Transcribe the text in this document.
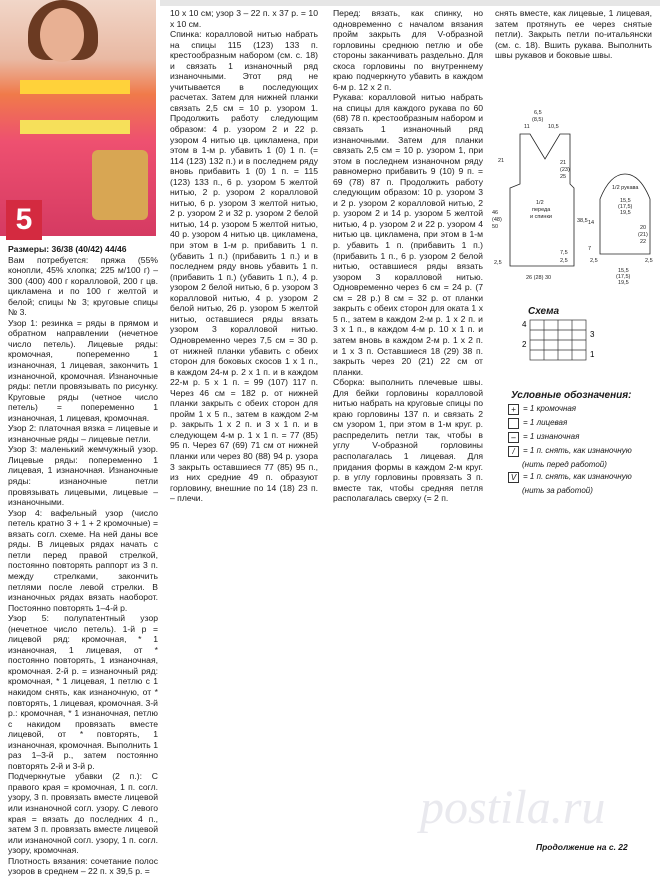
5

Размеры: 36/38 (40/42) 44/46

Вам потребуется: пряжа (55% конопли, 45% хлопка; 225 м/100 г) – 300 (400) 400 г коралловой, 200 г цв. цикламена и по 100 г желтой и белой; спицы № 3; круговые спицы № 3.

Узор 1: резинка = ряды в прямом и обратном направлении (нечетное число петель). Лицевые ряды: кромочная, попеременно 1 изнаночная, 1 лицевая, закончить 1 изнаночной, кромочная. Изнаночные ряды: петли провязывать по рисунку. Круговые ряды (четное число петель) = попеременно 1 изнаночная, 1 лицевая, кромочная.

Узор 2: платочная вязка = лицевые и изнаночные ряды – лицевые петли.

Узор 3: маленький жемчужный узор. Лицевые ряды: попеременно 1 лицевая, 1 изнаночная. Изнаночные ряды: изнаночные петли провязывать лицевыми, лицевые – изнаночными.

Узор 4: вафельный узор (число петель кратно 3 + 1 + 2 кромочные) = вязать согл. схеме. На ней даны все ряды. В лицевых рядах начать с петли перед правой стрелкой, постоянно повторять раппорт из 3 п. между стрелками, закончить петлями после левой стрелки. В изнаночных рядах вязать наоборот. Постоянно повторять 1–4-й р.

Узор 5: полупатентный узор (нечетное число петель). 1-й р = лицевой ряд: кромочная, * 1 изнаночная, 1 лицевая, от * постоянно повторять, 1 изнаночная, кромочная. 2-й р. = изнаночный ряд: кромочная, * 1 лицевая, 1 петлю с 1 накидом снять, как изнаночную, от * повторять, 1 лицевая, кромочная. 3-й р.: кромочная, * 1 изнаночная, петлю с накидом провязать вместе лицевой, от * повторять, 1 изнаночная, кромочная. Выполнить 1 раз 1–3-й р., затем постоянно повторять 2-й и 3-й р.

Подчеркнутые убавки (2 п.): С правого края = кромочная, 1 п. согл. узору, 3 п. провязать вместе лицевой или изнаночной согл. узору. С левого края = вязать до последних 4 п., затем 3 п. провязать вместе лицевой или изнаночной согл. узору, 1 п. согл. узору, кромочная.

Плотность вязания: сочетание полос узоров в среднем – 22 п. x 39,5 р. =

10 x 10 см; узор 3 – 22 п. x 37 р. = 10 x 10 см.

Спинка: коралловой нитью набрать на спицы 115 (123) 133 п. крестообразным набором (см. с. 18) и связать 1 изнаночный ряд изнаночными. Этот ряд не учитывается в последующих расчетах. Затем для нижней планки связать 2,5 см = 10 р. узором 1. Продолжить работу следующим образом: 4 р. узором 2 и 22 р. узором 4 нитью цв. цикламена, при этом в 1-м р. убавить 1 (0) 1 п. (= 114 (123) 132 п.) и в последнем ряду вновь прибавить 1 (0) 1 п. = 115 (123) 133 п., 6 р. узором 5 желтой нитью, 2 р. узором 2 коралловой нитью, 6 р. узором 3 желтой нитью, 2 р. узором 2 и 32 р. узором 2 белой нитью, 14 р. узором 5 желтой нитью, 40 р. узором 4 нитью цв. цикламена, при этом в 1-м р. прибавить 1 п. (убавить 1 п.) (прибавить 1 п.) и в последнем ряду вновь убавить 1 п. (прибавить 1 п.) (убавить 1 п.), 4 р. узором 2 белой нитью, 6 р. узором 3 коралловой нитью, 4 р. узором 2 белой нитью, 26 р. узором 5 желтой нитью, оставшиеся ряды вязать узором 3 коралловой нитью. Одновременно через 7,5 см = 30 р. от нижней планки убавить с обеих сторон для боковых скосов 1 x 1 п., в каждом 24-м р. 2 x 1 п. и в каждом 22-м р. 5 x 1 п. = 99 (107) 117 п. Через 46 см = 182 р. от нижней планки закрыть с обеих сторон для пройм 1 x 5 п., затем в каждом 2-м р. закрыть 1 x 2 п. и 3 x 1 п. и в следующем 4-м р. 1 x 1 п. = 77 (85) 95 п. Через 67 (69) 71 см от нижней планки или через 80 (88) 94 р. узора 3 закрыть оставшиеся 77 (85) 95 п., из них средние 49 п. образуют горловину, внешние по 14 (18) 23 п. – плечи.

Перед: вязать, как спинку, но одновременно с началом вязания пройм закрыть для V-образной горловины среднюю петлю и обе стороны заканчивать раздельно. Для скоса горловины по внутреннему краю подчеркнуто убавить в каждом 6-м р. 12 x 2 п.

Рукава: коралловой нитью набрать на спицы для каждого рукава по 60 (68) 78 п. крестообразным набором и связать 1 изнаночный ряд изнаночными. Затем для планки связать 2,5 см = 10 р. узором 1, при этом в последнем изнаночном ряду равномерно прибавить 9 (10) 9 п. = 69 (78) 87 п. Продолжить работу следующим образом: 10 р. узором 3 и 2 р. узором 2 коралловой нитью, 2 р. узором 2 и 14 р. узором 5 желтой нитью, 4 р. узором 2 и 22 р. узором 4 нитью цв. цикламена, при этом в 1-м р. убавить 1 п. (прибавить 1 п.) (прибавить 1 п., 6 р. узором 2 белой нитью, оставшиеся ряды вязать узором 3 коралловой нитью. Одновременно через 6 см = 24 р. (7 см = 28 р.) 8 см = 32 р. от планки закрыть с обеих сторон для оката 1 x 5 п., затем в каждом 2-м р. 1 x 2 п. и 3 x 1 п., в каждом 4-м р. 10 x 1 п. и затем вновь в каждом 2-м р. 1 x 2 п. и 1 x 3 п. Оставшиеся 18 (29) 38 п. закрыть через 20 (21) 22 см от планки.

Сборка: выполнить плечевые швы. Для бейки горловины коралловой нитью набрать на круговые спицы по краю горловины 137 п. и связать 2 см узором 1, при этом в 1-м круг. р. распределить петли так, чтобы в углу V-образной горловины располагалась 1 лицевая. Для придания формы в каждом 2-м круг. р. в углу горловины провязать 3 п. вместе так, чтобы средняя петля располагалась сверху (= 2 п.

снять вместе, как лицевые, 1 лицевая, затем протянуть ее через снятые петли). Закрыть петли по-итальянски (см. с. 18). Вшить рукава. Выполнить швы рукавов и боковые швы.

6,5
(8,5)
10,5
11
21	21
(23)
25
1/2
переда
и спинки
46
(48)
50
38,5
7,5
2,5
2,5
26 (28) 30
1/2 рукава
15,5
(17,5)
19,5
14
20
(21)
22
7
2,5	2,5
15,5
(17,5)
19,5
Схема
4
2
3
1
Условные обозначения:
+ = 1 кромочная
= 1 лицевая
– = 1 изнаночная
/	= 1 п. снять, как изнаночную
(нить перед работой)
V = 1 п. снять, как изнаночную
(нить за работой)
postila.ru
Продолжение на с. 22
